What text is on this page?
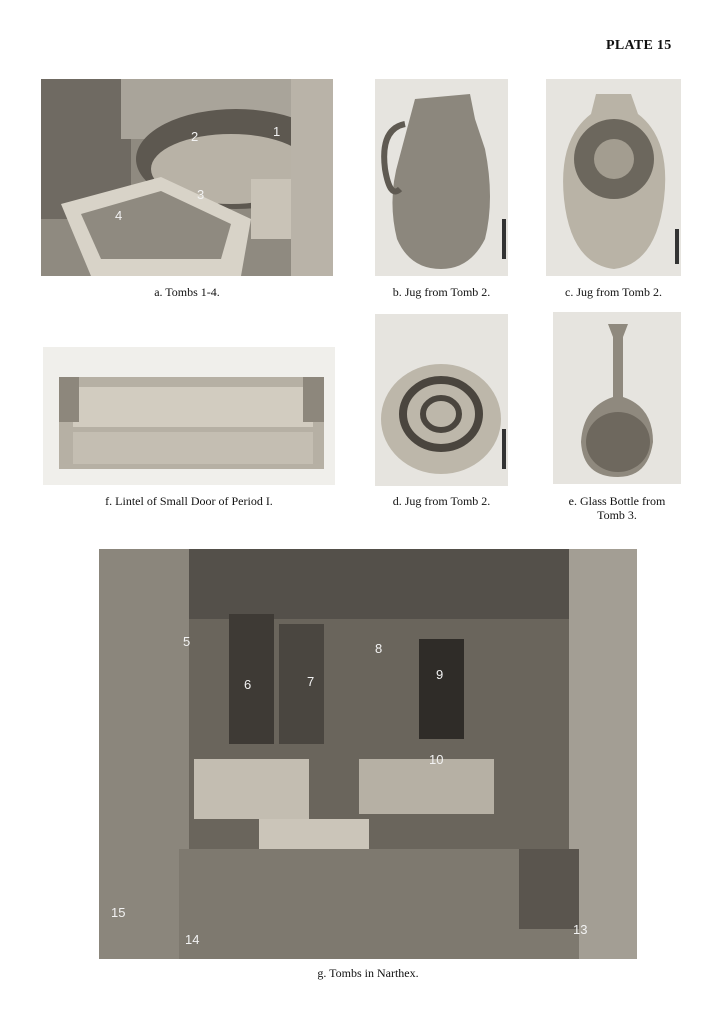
PLATE 15
1
2
3
4
a. Tombs 1-4.	b. Jug from Tomb 2.	c. Jug from Tomb 2.
f. Lintel of Small Door of Period I.	d. Jug from Tomb 2.	e. Glass Bottle from
Tomb 3.
5
6	7
8
9
10
13
14
15
g. Tombs in Narthex.
